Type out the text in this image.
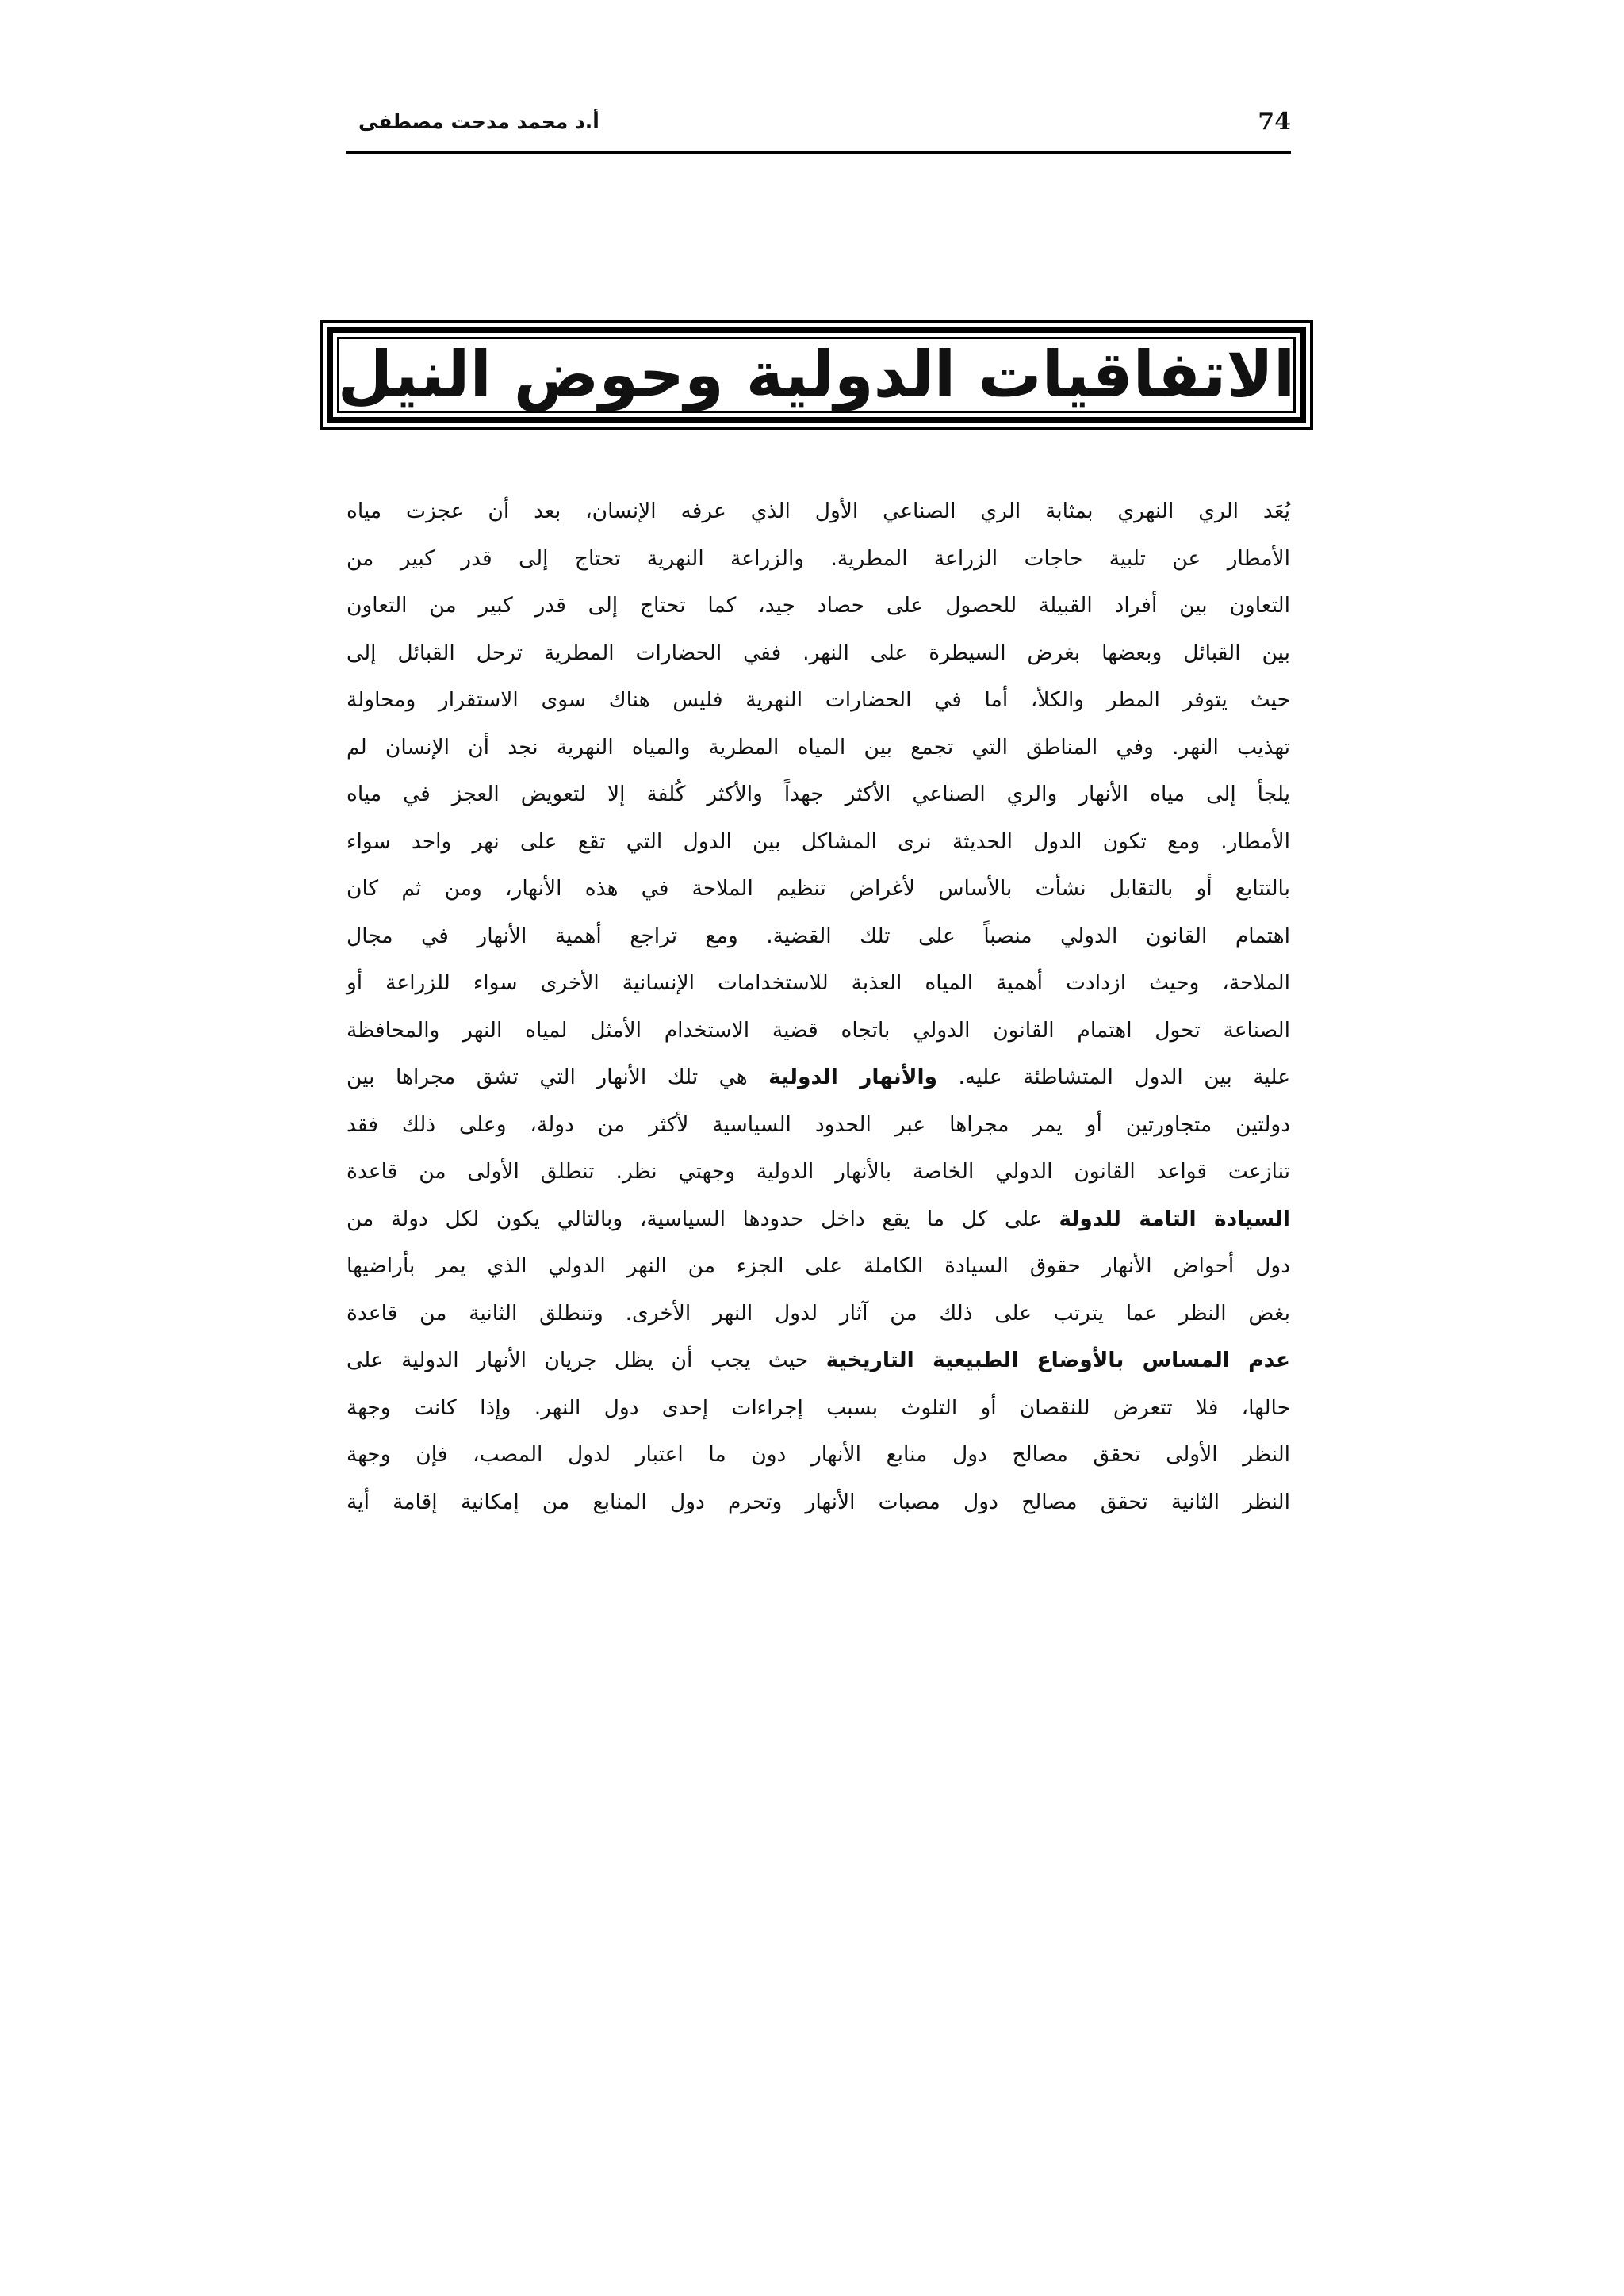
74
أ.د محمد مدحت مصطفى
الاتفاقيات الدولية وحوض النيل
يُعَد الري النهري بمثابة الري الصناعي الأول الذي عرفه الإنسان، بعد أن عجزت مياه
الأمطار عن تلبية حاجات الزراعة المطرية. والزراعة النهرية تحتاج إلى قدر كبير من
التعاون بين أفراد القبيلة للحصول على حصاد جيد، كما تحتاج إلى قدر كبير من التعاون
بين القبائل وبعضها بغرض السيطرة على النهر. ففي الحضارات المطرية ترحل القبائل إلى
حيث يتوفر المطر والكلأ، أما في الحضارات النهرية فليس هناك سوى الاستقرار ومحاولة
تهذيب النهر. وفي المناطق التي تجمع بين المياه المطرية والمياه النهرية نجد أن الإنسان لم
يلجأ إلى مياه الأنهار والري الصناعي الأكثر جهداً والأكثر كُلفة إلا لتعويض العجز في مياه
الأمطار. ومع تكون الدول الحديثة نرى المشاكل بين الدول التي تقع على نهر واحد سواء
بالتتابع أو بالتقابل نشأت بالأساس لأغراض تنظيم الملاحة في هذه الأنهار، ومن ثم كان
اهتمام القانون الدولي منصباً على تلك القضية. ومع تراجع أهمية الأنهار في مجال
الملاحة، وحيث ازدادت أهمية المياه العذبة للاستخدامات الإنسانية الأخرى سواء للزراعة أو
الصناعة تحول اهتمام القانون الدولي باتجاه قضية الاستخدام الأمثل لمياه النهر والمحافظة
علية بين الدول المتشاطئة عليه. والأنهار الدولية هي تلك الأنهار التي تشق مجراها بين
دولتين متجاورتين أو يمر مجراها عبر الحدود السياسية لأكثر من دولة، وعلى ذلك فقد
تنازعت قواعد القانون الدولي الخاصة بالأنهار الدولية وجهتي نظر. تنطلق الأولى من قاعدة
السيادة التامة للدولة على كل ما يقع داخل حدودها السياسية، وبالتالي يكون لكل دولة من
دول أحواض الأنهار حقوق السيادة الكاملة على الجزء من النهر الدولي الذي يمر بأراضيها
بغض النظر عما يترتب على ذلك من آثار لدول النهر الأخرى. وتنطلق الثانية من قاعدة
عدم المساس بالأوضاع الطبيعية التاريخية حيث يجب أن يظل جريان الأنهار الدولية على
حالها، فلا تتعرض للنقصان أو التلوث بسبب إجراءات إحدى دول النهر. وإذا كانت وجهة
النظر الأولى تحقق مصالح دول منابع الأنهار دون ما اعتبار لدول المصب، فإن وجهة
النظر الثانية تحقق مصالح دول مصبات الأنهار وتحرم دول المنابع من إمكانية إقامة أية
